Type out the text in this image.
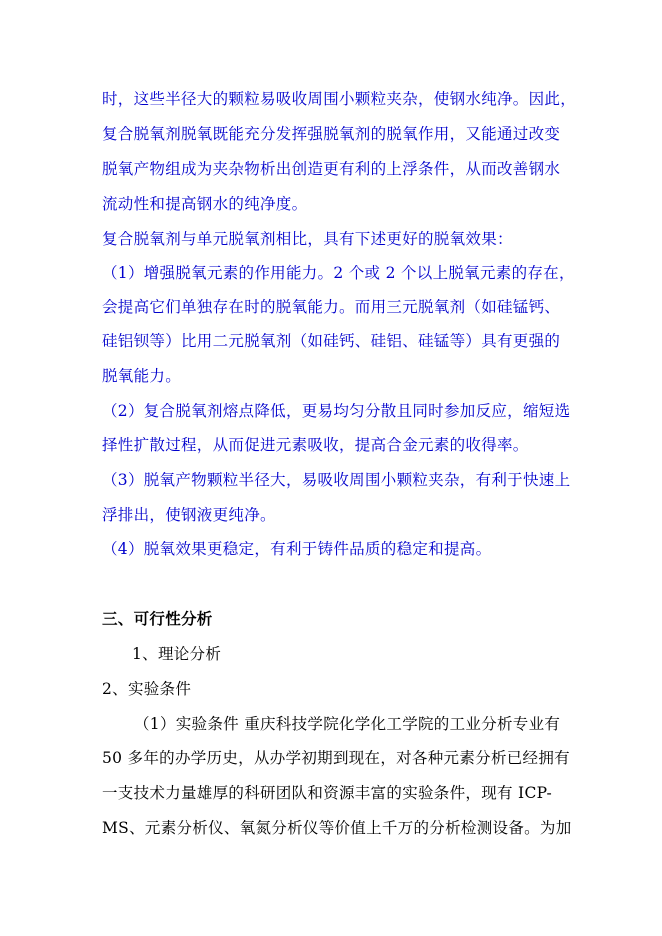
时，这些半径大的颗粒易吸收周围小颗粒夹杂，使钢水纯净。因此，
复合脱氧剂脱氧既能充分发挥强脱氧剂的脱氧作用，又能通过改变
脱氧产物组成为夹杂物析出创造更有利的上浮条件，从而改善钢水
流动性和提高钢水的纯净度。
复合脱氧剂与单元脱氧剂相比，具有下述更好的脱氧效果：
（1）增强脱氧元素的作用能力。2 个或 2 个以上脱氧元素的存在，
会提高它们单独存在时的脱氧能力。而用三元脱氧剂（如硅锰钙、
硅铝钡等）比用二元脱氧剂（如硅钙、硅铝、硅锰等）具有更强的
脱氧能力。
（2）复合脱氧剂熔点降低，更易均匀分散且同时参加反应，缩短选
择性扩散过程，从而促进元素吸收，提高合金元素的收得率。
（3）脱氧产物颗粒半径大，易吸收周围小颗粒夹杂，有利于快速上
浮排出，使钢液更纯净。
（4）脱氧效果更稳定，有利于铸件品质的稳定和提高。
三、可行性分析
1、理论分析
2、实验条件
（1）实验条件 重庆科技学院化学化工学院的工业分析专业有
50 多年的办学历史，从办学初期到现在，对各种元素分析已经拥有
一支技术力量雄厚的科研团队和资源丰富的实验条件，现有 ICP-
MS、元素分析仪、氧氮分析仪等价值上千万的分析检测设备。为加
